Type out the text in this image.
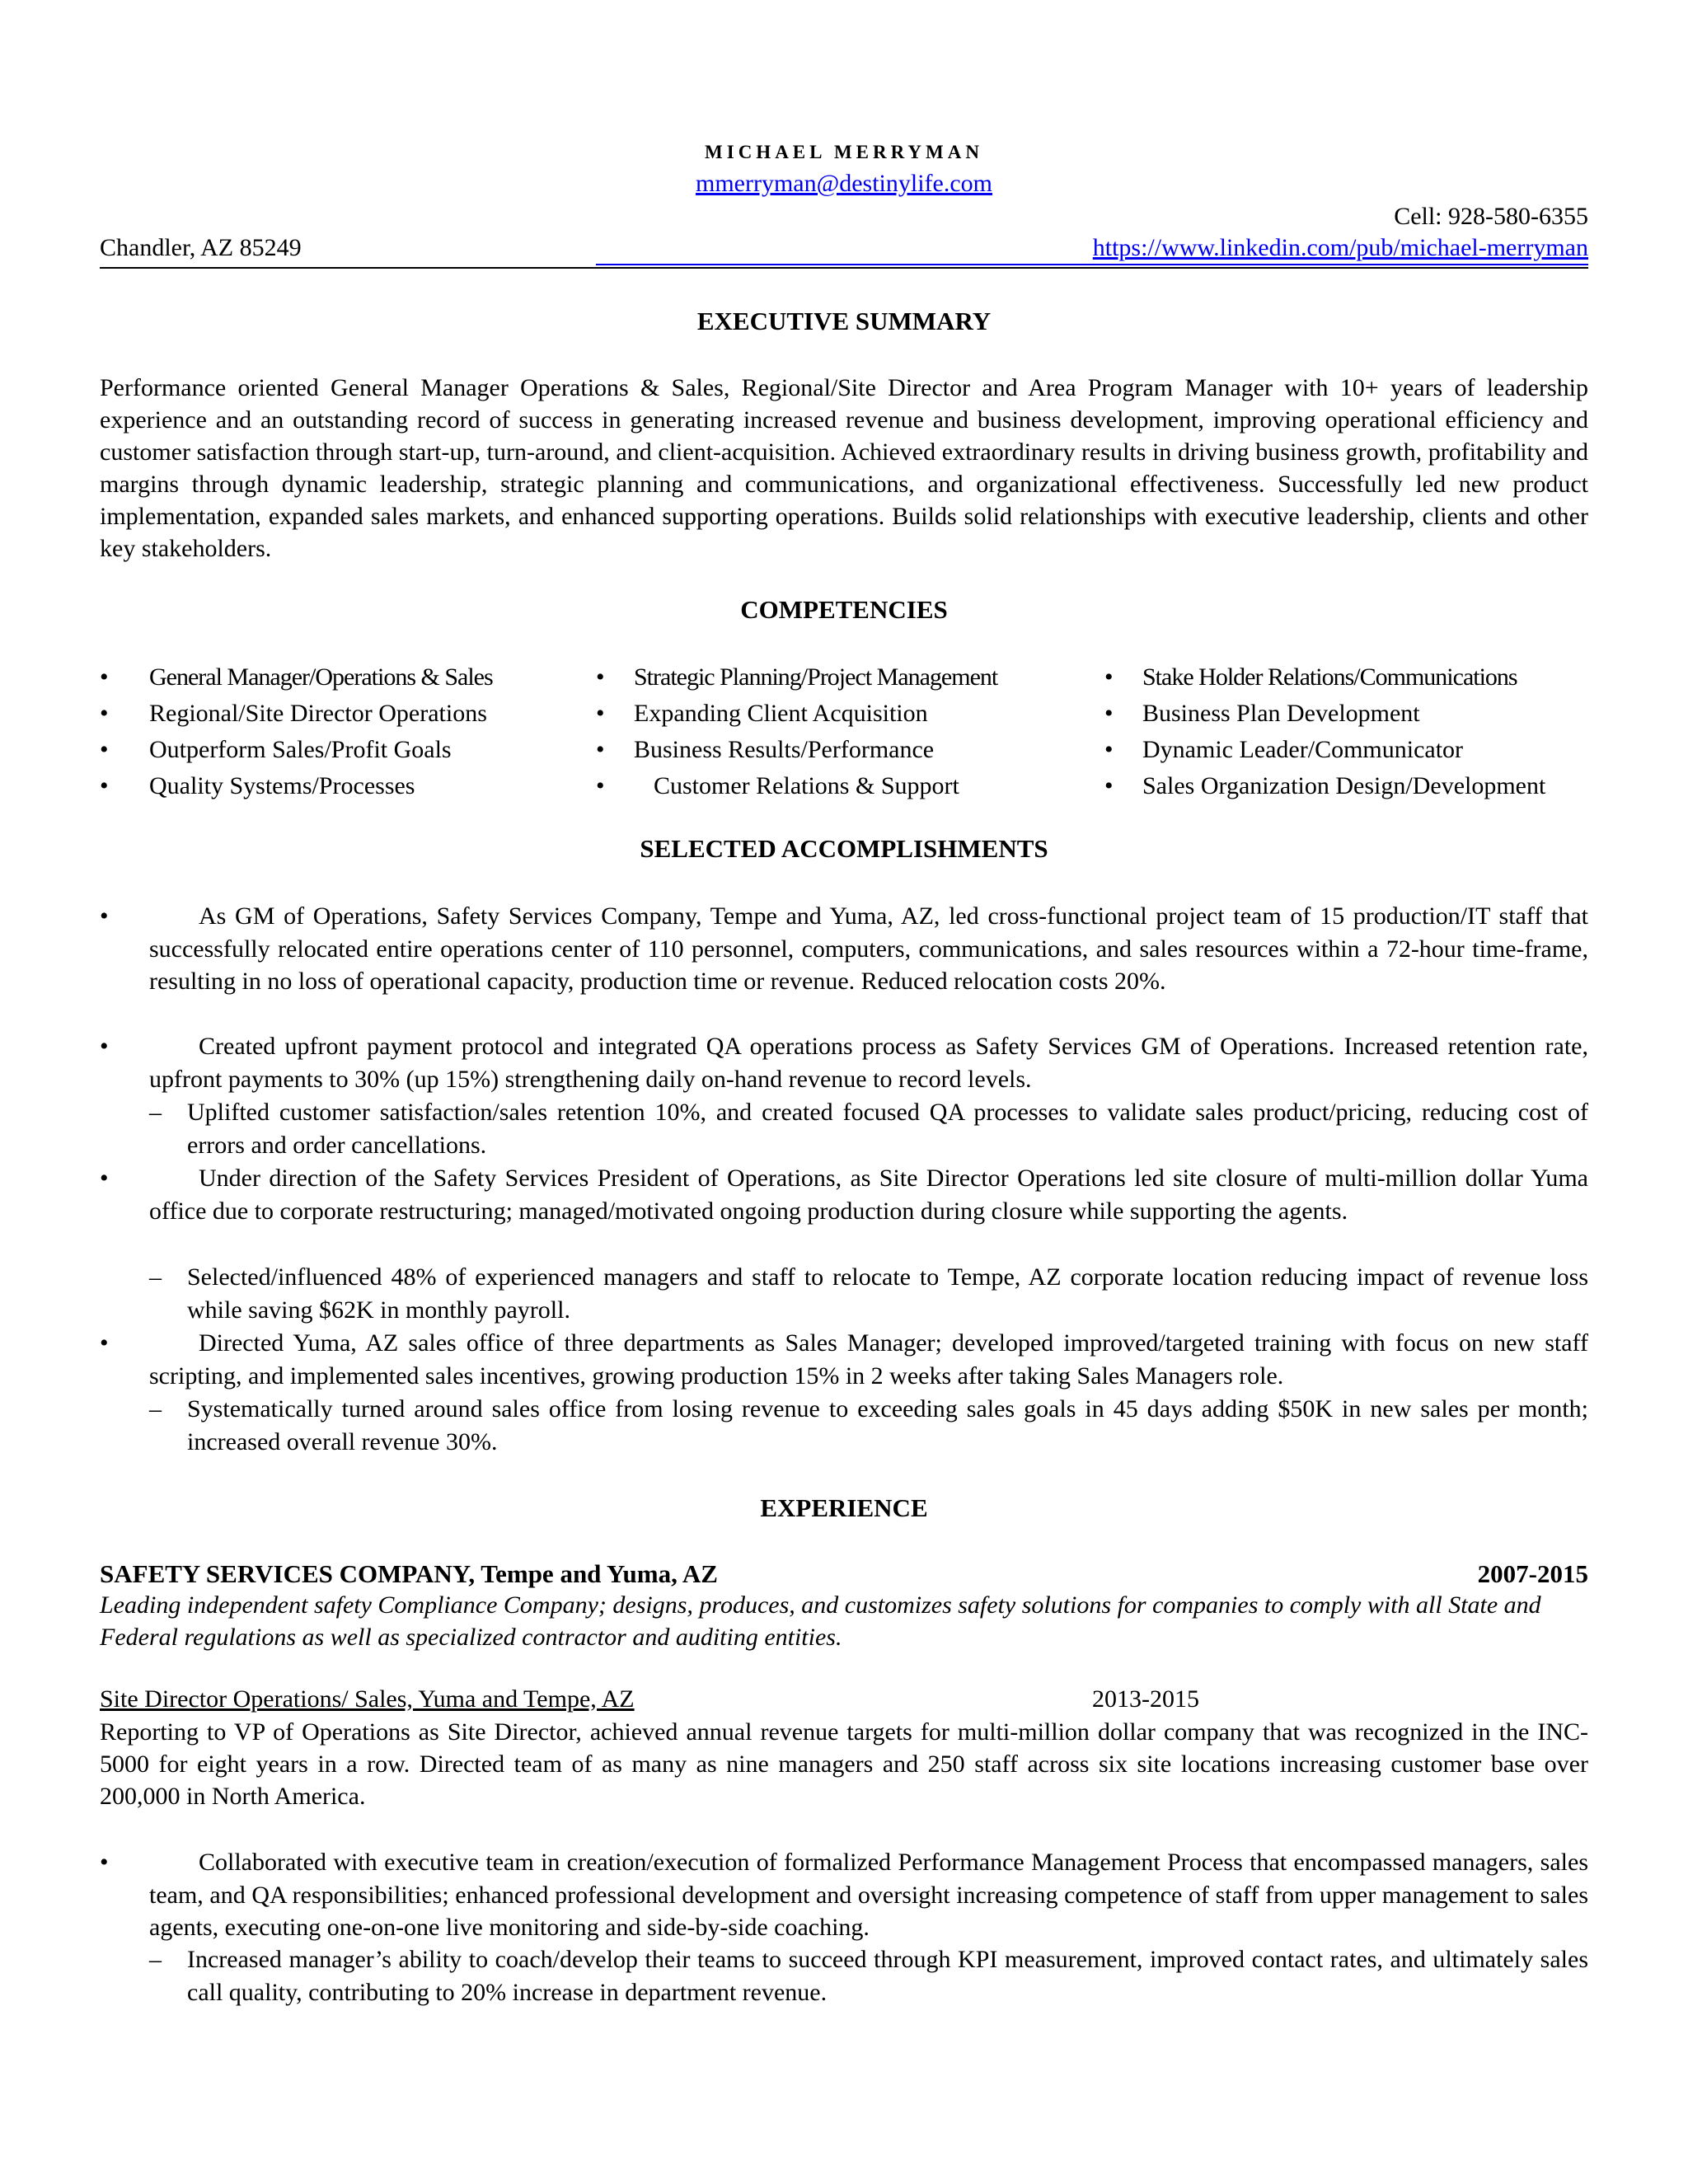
MICHAEL MERRYMAN
mmerryman@destinylife.com
Cell: 928-580-6355
Chandler, AZ 85249	https://www.linkedin.com/pub/michael-merryman
EXECUTIVE SUMMARY
Performance oriented General Manager Operations & Sales, Regional/Site Director and Area Program Manager with 10+ years of leadership experience and an outstanding record of success in generating increased revenue and business development, improving operational efficiency and customer satisfaction through start-up, turn-around, and client-acquisition. Achieved extraordinary results in driving business growth, profitability and margins through dynamic leadership, strategic planning and communications, and organizational effectiveness. Successfully led new product implementation, expanded sales markets, and enhanced supporting operations. Builds solid relationships with executive leadership, clients and other key stakeholders.
COMPETENCIES
• General Manager/Operations & Sales
• Regional/Site Director Operations
• Outperform Sales/Profit Goals
• Quality Systems/Processes
• Strategic Planning/Project Management
• Expanding Client Acquisition
• Business Results/Performance
• Customer Relations & Support
• Stake Holder Relations/Communications
• Business Plan Development
• Dynamic Leader/Communicator
• Sales Organization Design/Development
SELECTED ACCOMPLISHMENTS
•	As GM of Operations, Safety Services Company, Tempe and Yuma, AZ, led cross-functional project team of 15 production/IT staff that successfully relocated entire operations center of 110 personnel, computers, communications, and sales resources within a 72-hour time-frame, resulting in no loss of operational capacity, production time or revenue. Reduced relocation costs 20%.
•	Created upfront payment protocol and integrated QA operations process as Safety Services GM of Operations. Increased retention rate, upfront payments to 30% (up 15%) strengthening daily on-hand revenue to record levels.
– Uplifted customer satisfaction/sales retention 10%, and created focused QA processes to validate sales product/pricing, reducing cost of errors and order cancellations.
•	Under direction of the Safety Services President of Operations, as Site Director Operations led site closure of multi-million dollar Yuma office due to corporate restructuring; managed/motivated ongoing production during closure while supporting the agents.
– Selected/influenced 48% of experienced managers and staff to relocate to Tempe, AZ corporate location reducing impact of revenue loss while saving $62K in monthly payroll.
•	Directed Yuma, AZ sales office of three departments as Sales Manager; developed improved/targeted training with focus on new staff scripting, and implemented sales incentives, growing production 15% in 2 weeks after taking Sales Managers role.
– Systematically turned around sales office from losing revenue to exceeding sales goals in 45 days adding $50K in new sales per month; increased overall revenue 30%.
EXPERIENCE
SAFETY SERVICES COMPANY, Tempe and Yuma, AZ	2007-2015
Leading independent safety Compliance Company; designs, produces, and customizes safety solutions for companies to comply with all State and Federal regulations as well as specialized contractor and auditing entities.
Site Director Operations/ Sales, Yuma and Tempe, AZ	2013-2015
Reporting to VP of Operations as Site Director, achieved annual revenue targets for multi-million dollar company that was recognized in the INC-5000 for eight years in a row. Directed team of as many as nine managers and 250 staff across six site locations increasing customer base over 200,000 in North America.
•	Collaborated with executive team in creation/execution of formalized Performance Management Process that encompassed managers, sales team, and QA responsibilities; enhanced professional development and oversight increasing competence of staff from upper management to sales agents, executing one-on-one live monitoring and side-by-side coaching.
– Increased manager’s ability to coach/develop their teams to succeed through KPI measurement, improved contact rates, and ultimately sales call quality, contributing to 20% increase in department revenue.
